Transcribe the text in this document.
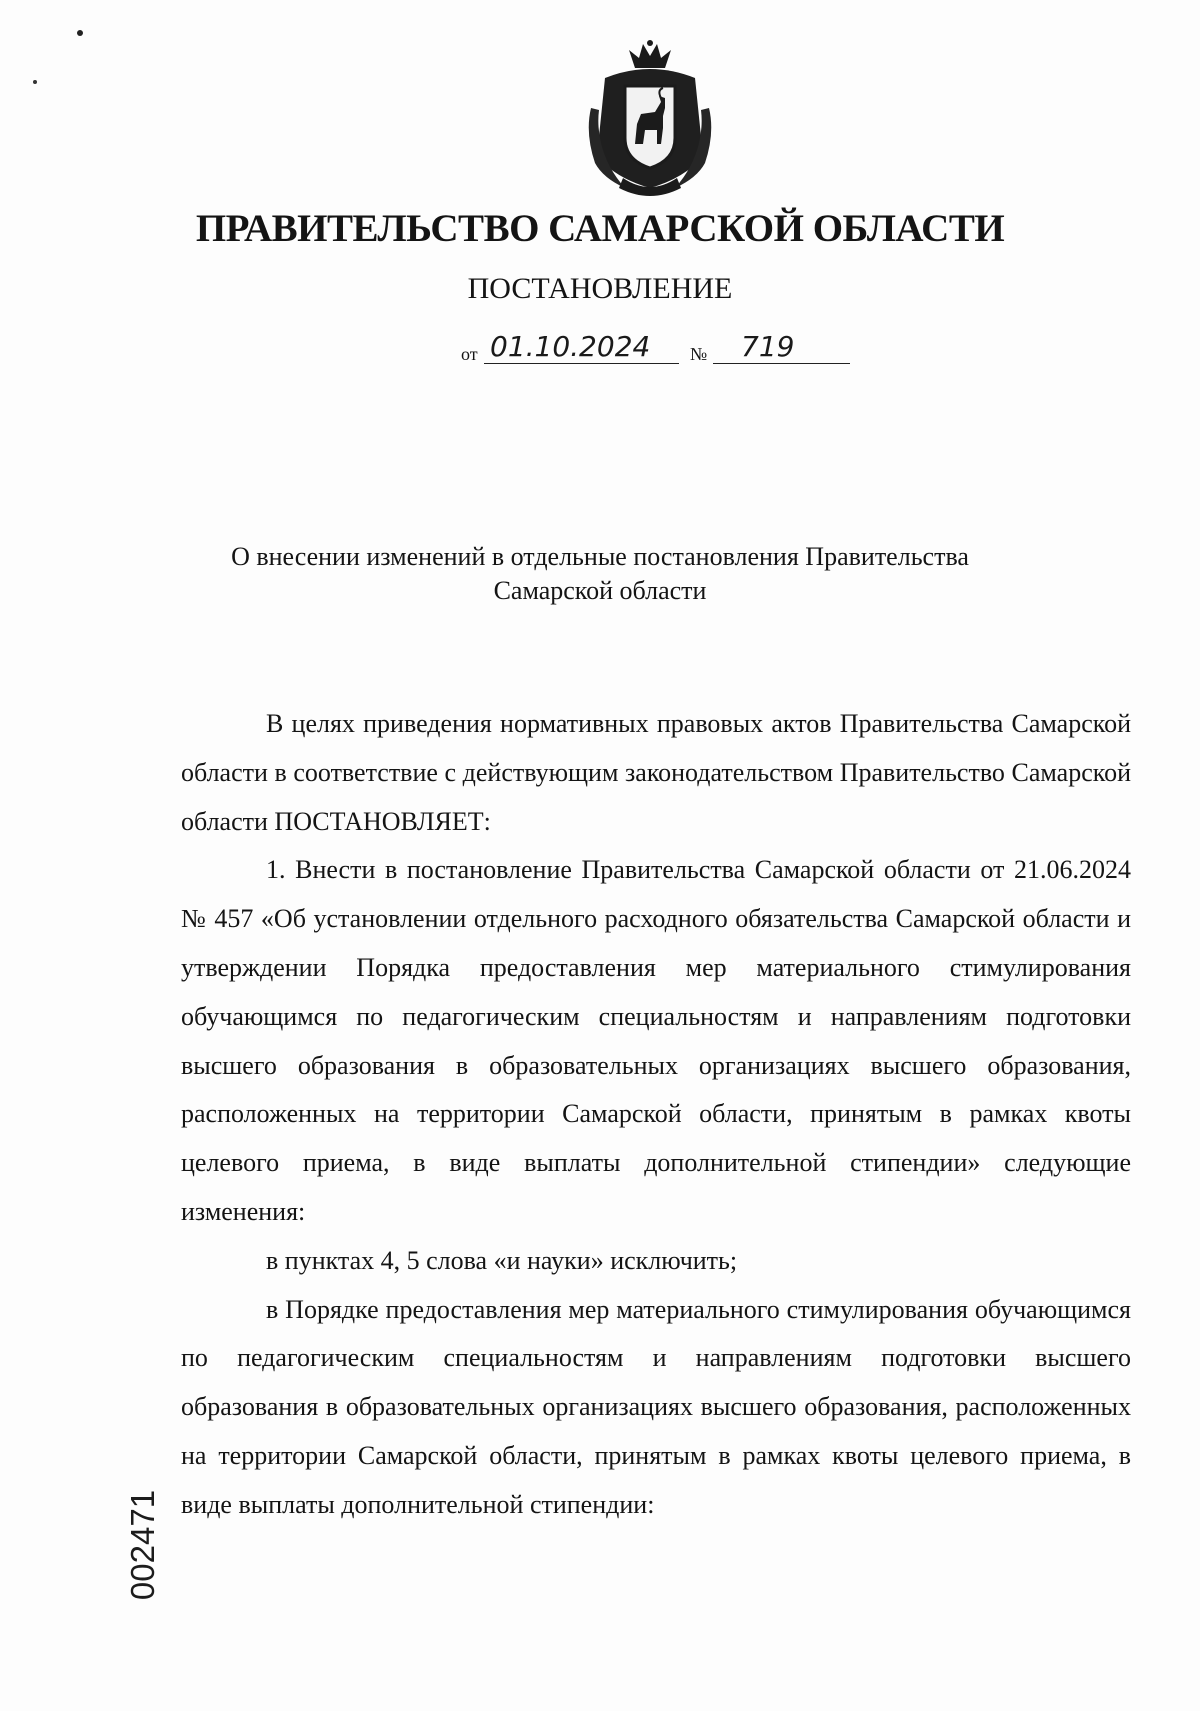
ПРАВИТЕЛЬСТВО САМАРСКОЙ ОБЛАСТИ
ПОСТАНОВЛЕНИЕ
от 01.10.2024	№	719
О внесении изменений в отдельные постановления Правительства
Самарской области

В целях приведения нормативных правовых актов Правительства Самарской области в соответствие с действующим законодательством Правительство Самарской области ПОСТАНОВЛЯЕТ:

1. Внести в постановление Правительства Самарской области от 21.06.2024 № 457 «Об установлении отдельного расходного обязательства Самарской области и утверждении Порядка предоставления мер материального стимулирования обучающимся по педагогическим специальностям и направлениям подготовки высшего образования в образовательных организациях высшего образования, расположенных на территории Самарской области, принятым в рамках квоты целевого приема, в виде выплаты дополнительной стипендии» следующие изменения:

в пунктах 4, 5 слова «и науки» исключить;

в Порядке предоставления мер материального стимулирования обучающимся по педагогическим специальностям и направлениям подготовки высшего образования в образовательных организациях высшего образования, расположенных на территории Самарской области, принятым в рамках квоты целевого приема, в виде выплаты дополнительной стипендии:

002471
